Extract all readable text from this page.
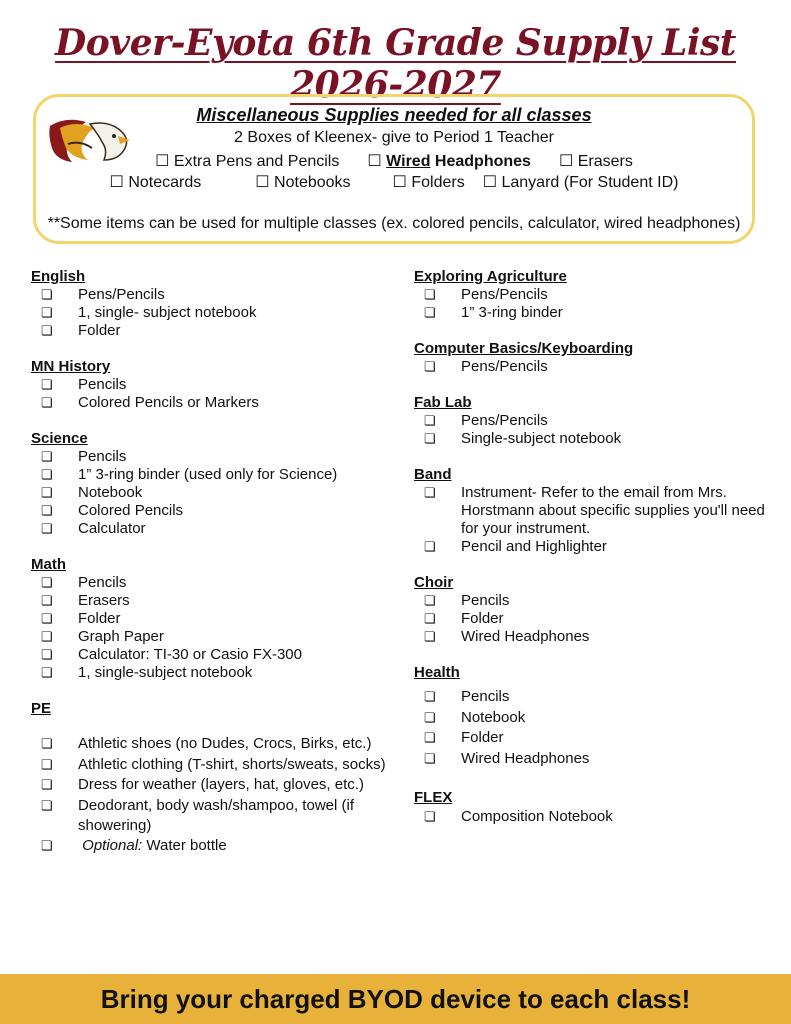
Dover-Eyota 6th Grade Supply List 2026-2027
Miscellaneous Supplies needed for all classes
2 Boxes of Kleenex- give to Period 1 Teacher
☐ Extra Pens and Pencils ☐ Wired Headphones ☐ Erasers
☐ Notecards	☐ Notebooks	☐ Folders ☐ Lanyard (For Student ID)
**Some items can be used for multiple classes (ex. colored pencils, calculator, wired headphones)

English

❏ Pens/Pencils
❏ 1, single- subject notebook
❏ Folder

MN History

❏ Pencils
❏ Colored Pencils or Markers

Science

❏ Pencils
❏ 1” 3-ring binder (used only for Science)
❏ Notebook
❏ Colored Pencils
❏ Calculator

Math

❏ Pencils
❏ Erasers
❏ Folder
❏ Graph Paper
❏ Calculator: TI-30 or Casio FX-300
❏ 1, single-subject notebook

PE

❏ Athletic shoes (no Dudes, Crocs, Birks, etc.)
❏ Athletic clothing (T-shirt, shorts/sweats, socks)
❏ Dress for weather (layers, hat, gloves, etc.)
❏ Deodorant, body wash/shampoo, towel (if showering)
❏ Optional: Water bottle

Exploring Agriculture

❏ Pens/Pencils
❏ 1” 3-ring binder

Computer Basics/Keyboarding

❏ Pens/Pencils

Fab Lab

❏ Pens/Pencils
❏ Single-subject notebook

Band

❏ Instrument- Refer to the email from Mrs. Horstmann about specific supplies you'll need for your instrument.
❏ Pencil and Highlighter

Choir

❏ Pencils
❏ Folder
❏ Wired Headphones

Health

❏ Pencils
❏ Notebook
❏ Folder
❏ Wired Headphones

FLEX

❏ Composition Notebook
Bring your charged BYOD device to each class!
